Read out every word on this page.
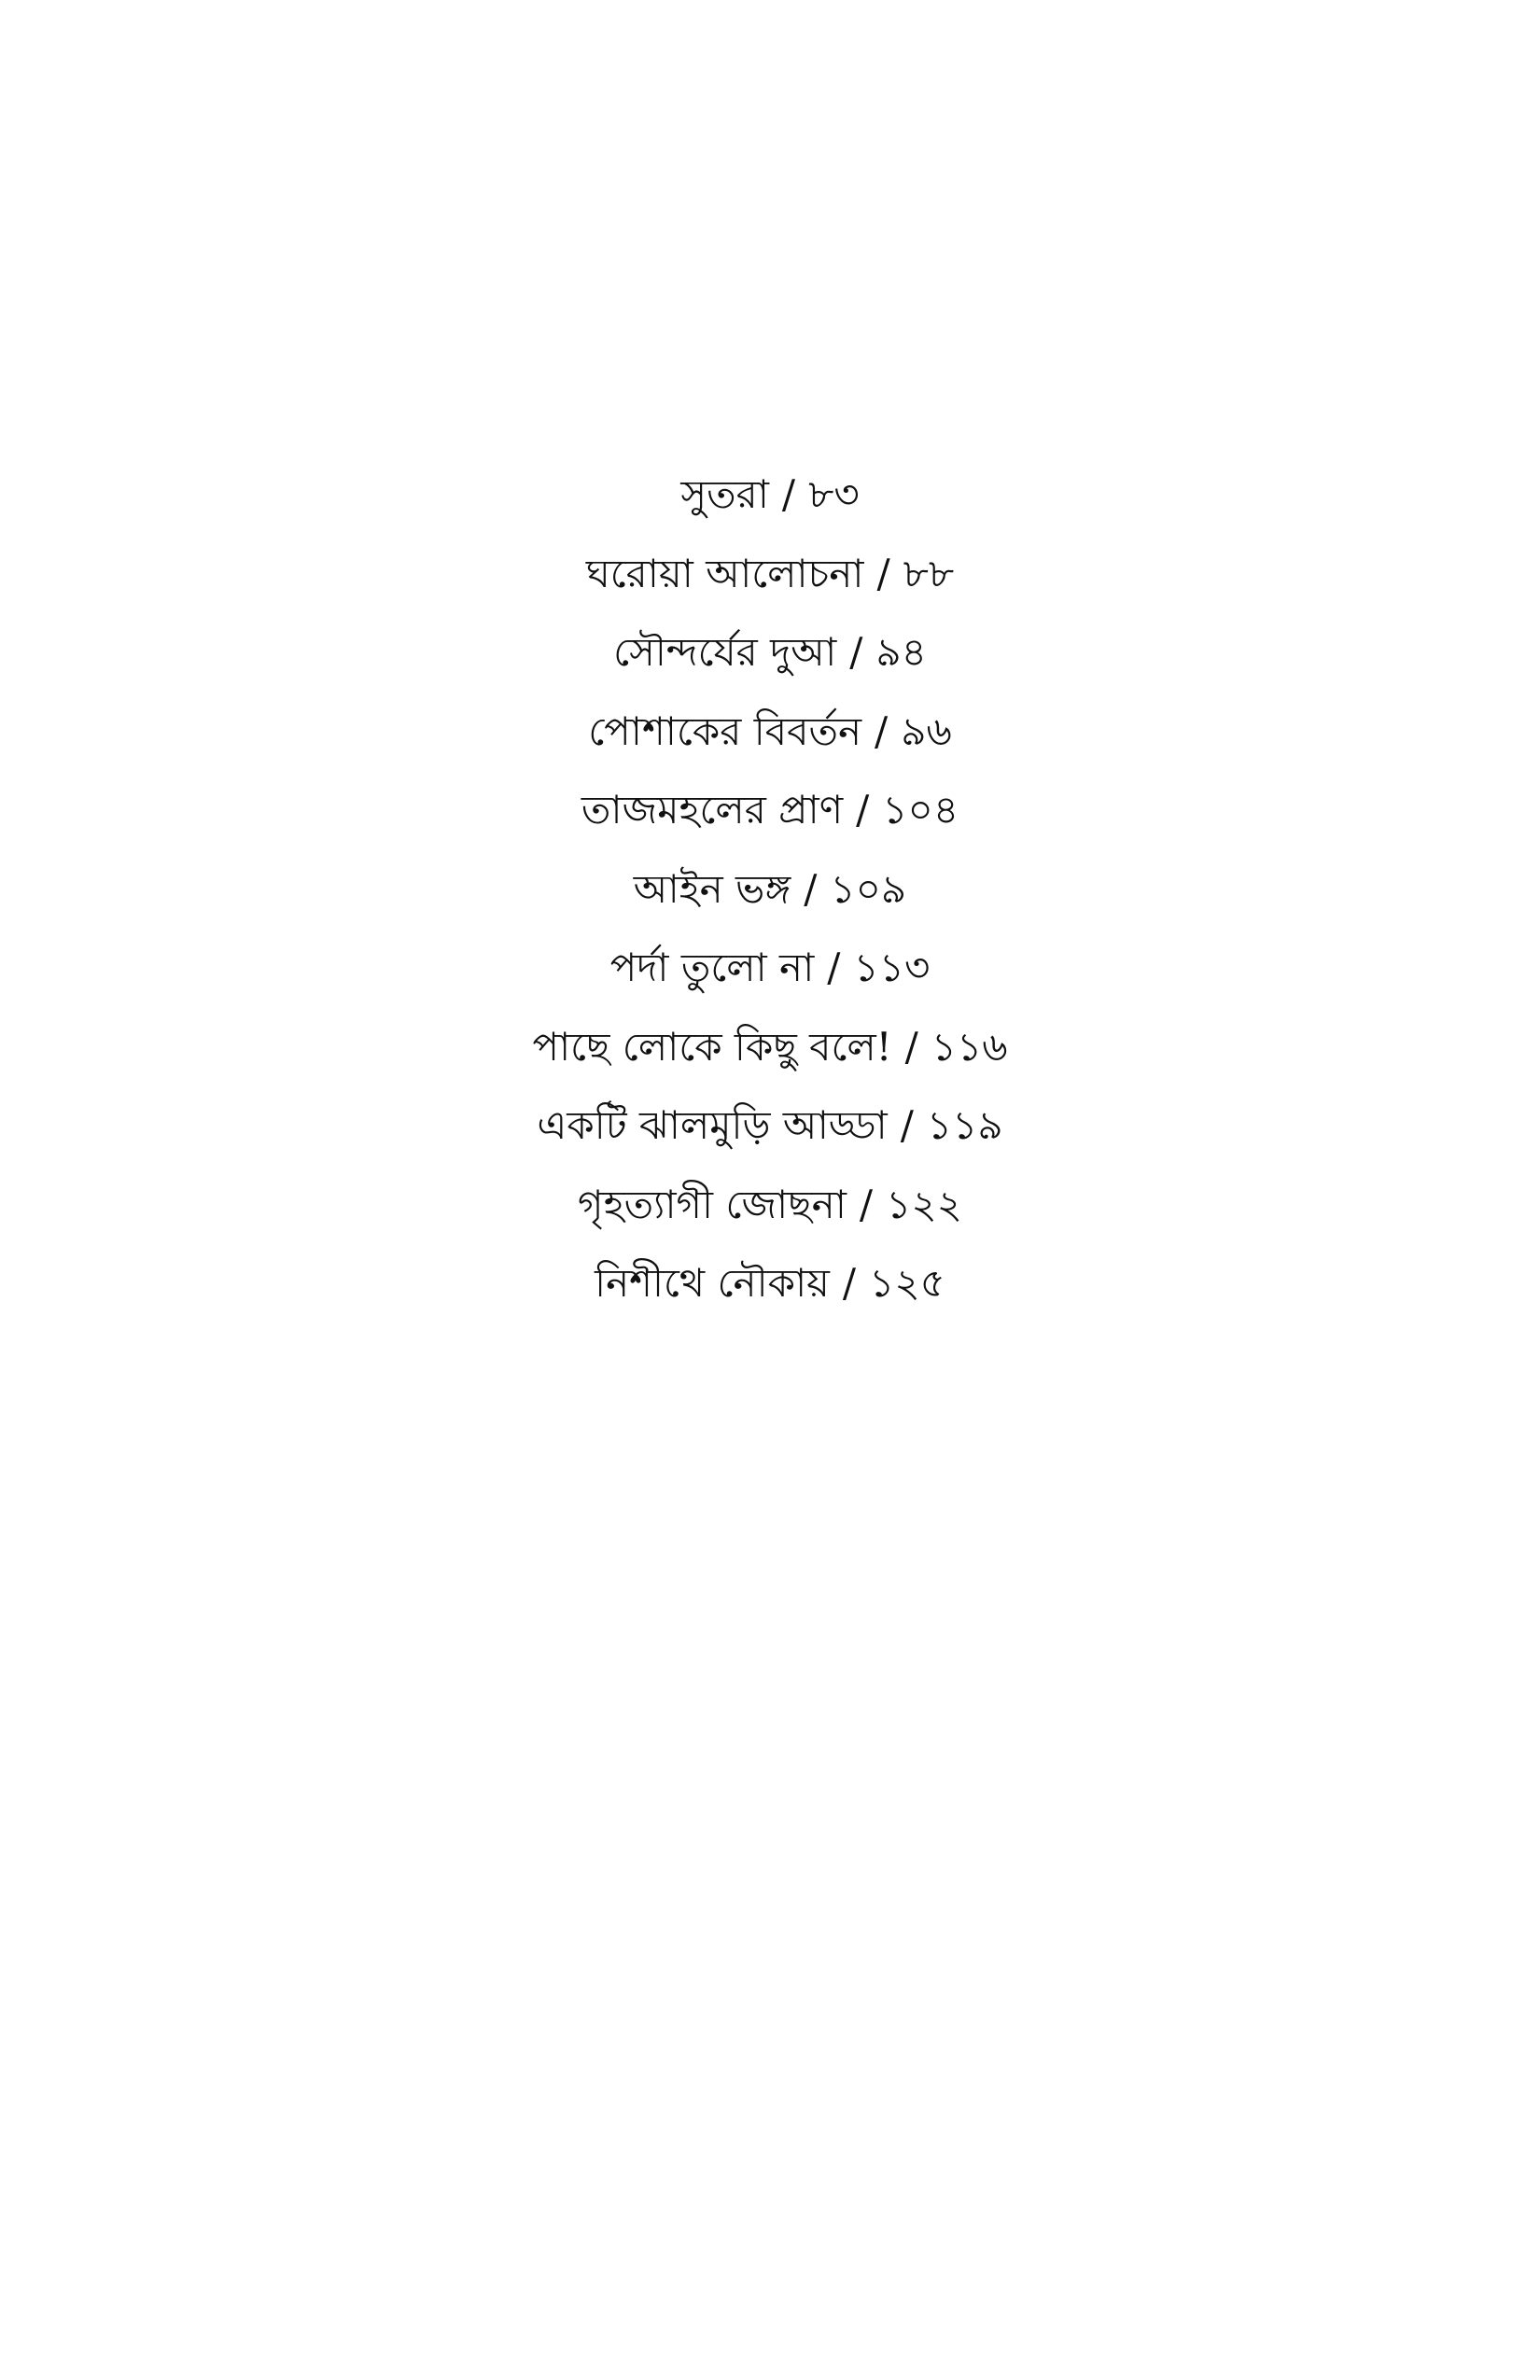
সুতরা / ৮৩
ঘরোয়া আলোচনা / ৮৮
সৌন্দর্যের দুআ / ৯৪
পোশাকের বিবর্তন / ৯৬
তাজমহলের প্রাণ / ১০৪
আইন ভঙ্গ / ১০৯
পর্দা তুলো না / ১১৩
পাছে লোকে কিছু বলে! / ১১৬
একটি ঝালমুড়ি আড্ডা / ১১৯
গৃহত্যাগী জোছনা / ১২২
নিশীথে নৌকায় / ১২৫
